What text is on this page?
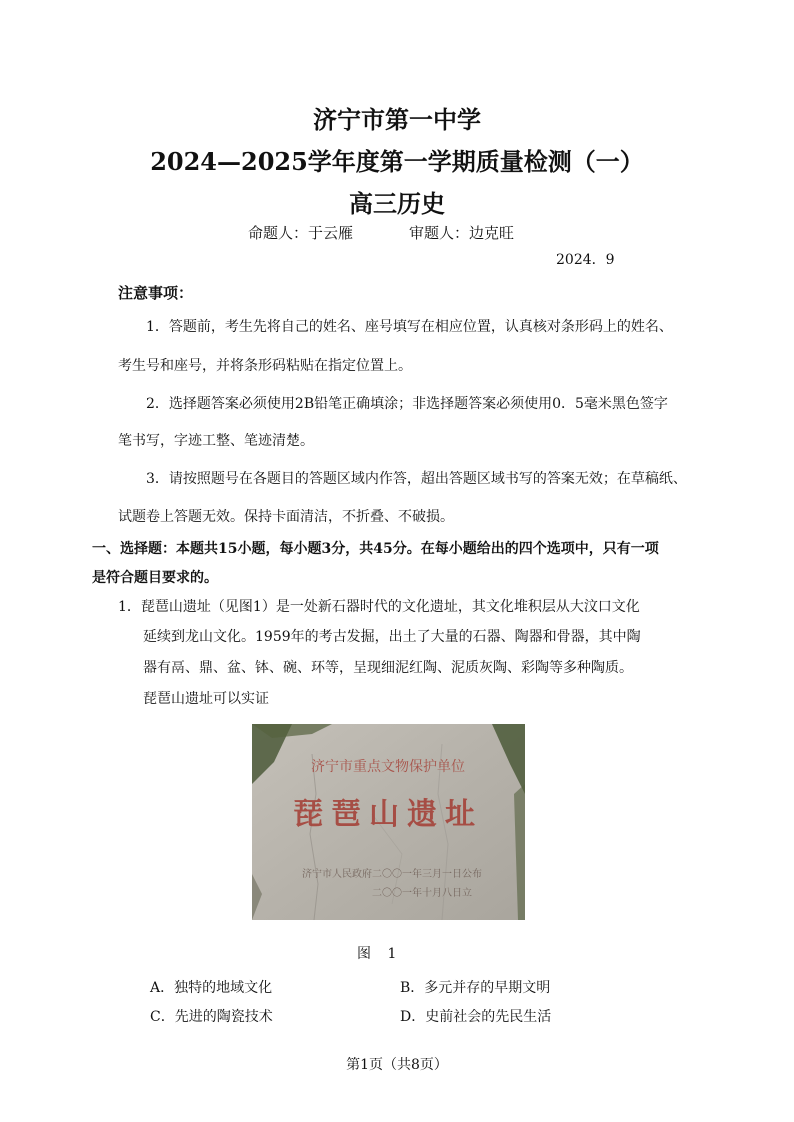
济宁市第一中学
2024—2025学年度第一学期质量检测（一）
高三历史
命题人：于云雁	审题人：边克旺
2024．9
注意事项：
1．答题前，考生先将自己的姓名、座号填写在相应位置，认真核对条形码上的姓名、
考生号和座号，并将条形码粘贴在指定位置上。
2．选择题答案必须使用2B铅笔正确填涂；非选择题答案必须使用0．5毫米黑色签字
笔书写，字迹工整、笔迹清楚。
3．请按照题号在各题目的答题区域内作答，超出答题区域书写的答案无效；在草稿纸、
试题卷上答题无效。保持卡面清洁，不折叠、不破损。
一、选择题：本题共15小题，每小题3分，共45分。在每小题给出的四个选项中，只有一项
是符合题目要求的。
1．琵琶山遗址（见图1）是一处新石器时代的文化遗址，其文化堆积层从大汶口文化
延续到龙山文化。1959年的考古发掘，出土了大量的石器、陶器和骨器，其中陶
器有鬲、鼎、盆、钵、碗、环等，呈现细泥红陶、泥质灰陶、彩陶等多种陶质。
琵琶山遗址可以实证
济宁市重点文物保护单位
琵琶山遗址
济宁市人民政府二〇〇一年三月一日公布
二〇〇一年十月八日立
图 1
A．独特的地域文化	B．多元并存的早期文明
C．先进的陶瓷技术	D．史前社会的先民生活
第1页（共8页）
